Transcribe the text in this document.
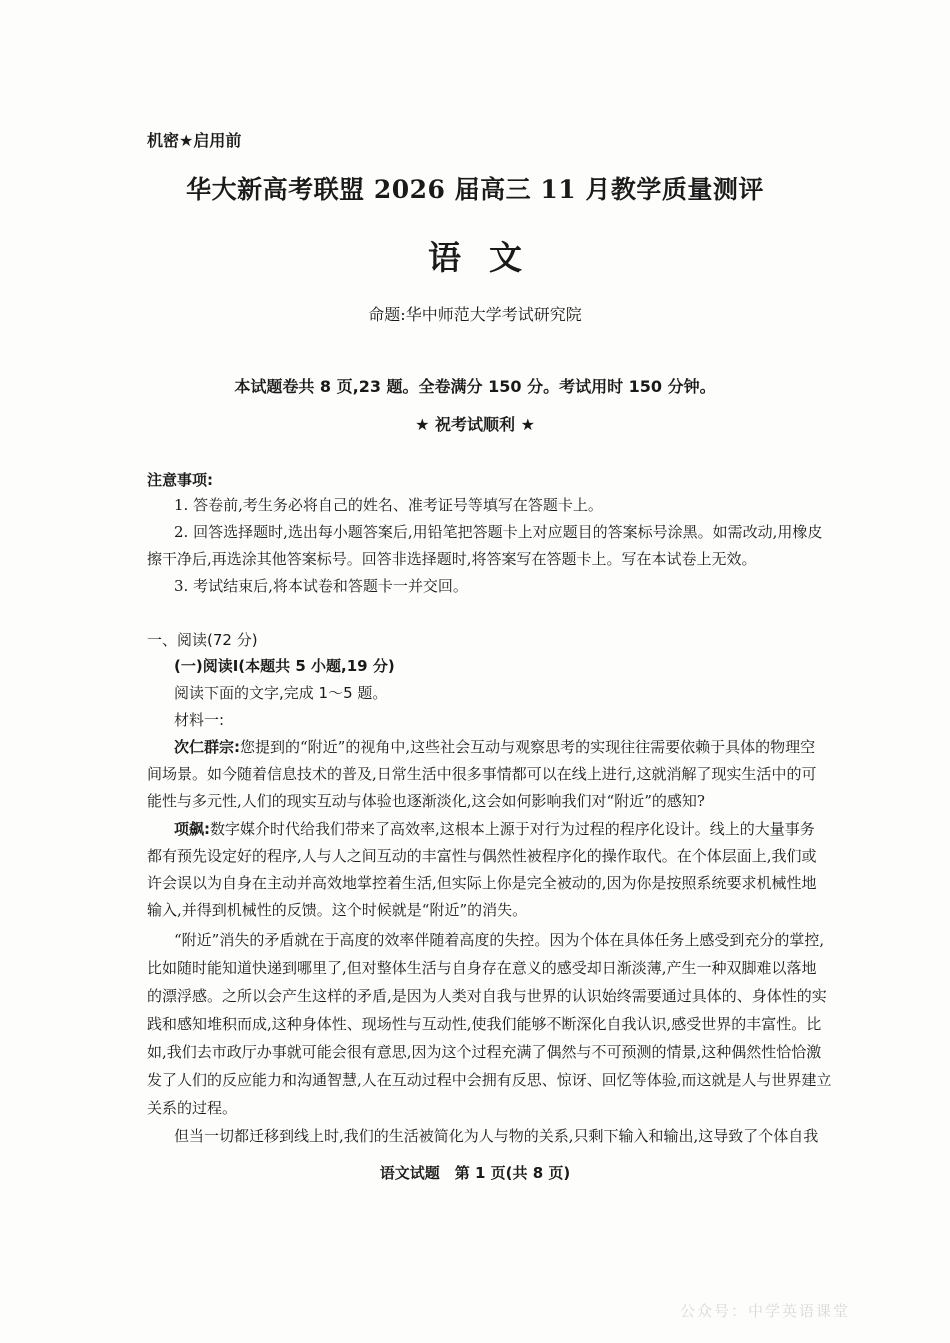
机密★启用前
华大新高考联盟 2026 届高三 11 月教学质量测评
语文
命题:华中师范大学考试研究院
本试题卷共 8 页,23 题。全卷满分 150 分。考试用时 150 分钟。
★ 祝考试顺利 ★
注意事项:
1. 答卷前,考生务必将自己的姓名、准考证号等填写在答题卡上。
2. 回答选择题时,选出每小题答案后,用铅笔把答题卡上对应题目的答案标号涂黑。如需改动,用橡皮
擦干净后,再选涂其他答案标号。回答非选择题时,将答案写在答题卡上。写在本试卷上无效。
3. 考试结束后,将本试卷和答题卡一并交回。
一、阅读(72 分)
(一)阅读Ⅰ(本题共 5 小题,19 分)
阅读下面的文字,完成 1～5 题。
材料一:
次仁群宗:您提到的“附近”的视角中,这些社会互动与观察思考的实现往往需要依赖于具体的物理空
间场景。如今随着信息技术的普及,日常生活中很多事情都可以在线上进行,这就消解了现实生活中的可
能性与多元性,人们的现实互动与体验也逐渐淡化,这会如何影响我们对“附近”的感知?
项飙:数字媒介时代给我们带来了高效率,这根本上源于对行为过程的程序化设计。线上的大量事务
都有预先设定好的程序,人与人之间互动的丰富性与偶然性被程序化的操作取代。在个体层面上,我们或
许会误以为自身在主动并高效地掌控着生活,但实际上你是完全被动的,因为你是按照系统要求机械性地
输入,并得到机械性的反馈。这个时候就是“附近”的消失。
“附近”消失的矛盾就在于高度的效率伴随着高度的失控。因为个体在具体任务上感受到充分的掌控,
比如随时能知道快递到哪里了,但对整体生活与自身存在意义的感受却日渐淡薄,产生一种双脚难以落地
的漂浮感。之所以会产生这样的矛盾,是因为人类对自我与世界的认识始终需要通过具体的、身体性的实
践和感知堆积而成,这种身体性、现场性与互动性,使我们能够不断深化自我认识,感受世界的丰富性。比
如,我们去市政厅办事就可能会很有意思,因为这个过程充满了偶然与不可预测的情景,这种偶然性恰恰激
发了人们的反应能力和沟通智慧,人在互动过程中会拥有反思、惊讶、回忆等体验,而这就是人与世界建立
关系的过程。
但当一切都迁移到线上时,我们的生活被简化为人与物的关系,只剩下输入和输出,这导致了个体自我
语文试题　第 1 页(共 8 页)
公众号：中学英语课堂
